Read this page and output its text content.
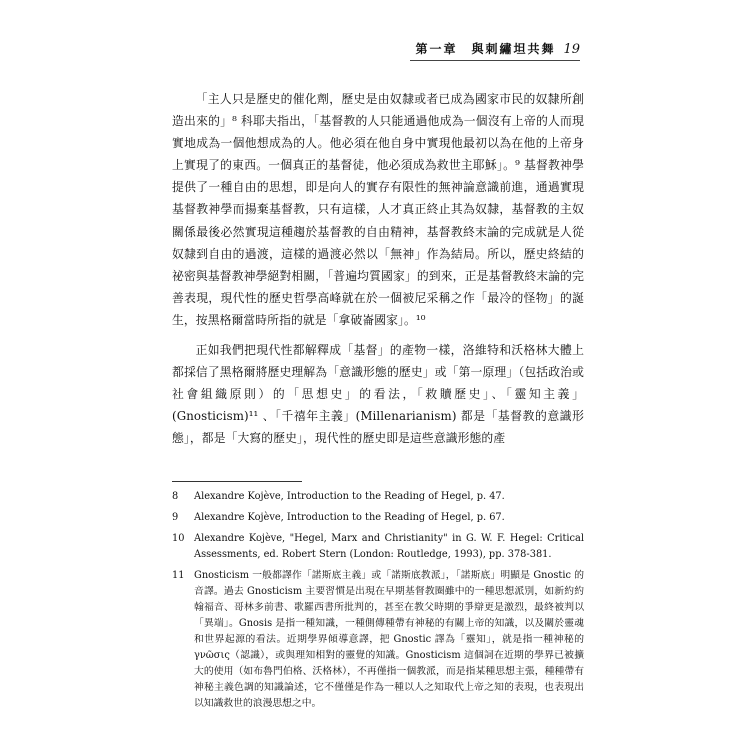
第一章　與刺繡坦共舞 19

「主人只是歷史的催化劑，歷史是由奴隸或者已成為國家市民的奴隸所創造出來的」⁸ 科耶夫指出，「基督教的人只能通過他成為一個沒有上帝的人而現實地成為一個他想成為的人。他必須在他自身中實現他最初以為在他的上帝身上實現了的東西。一個真正的基督徒，他必須成為救世主耶穌」。⁹ 基督教神學提供了一種自由的思想，即是向人的實存有限性的無神論意識前進，通過實現基督教神學而揚棄基督教，只有這樣，人才真正終止其為奴隸，基督教的主奴關係最後必然實現這種趨於基督教的自由精神，基督教終末論的完成就是人從奴隸到自由的過渡，這樣的過渡必然以「無神」作為結局。所以，歷史終結的祕密與基督教神學絕對相關，「普遍均質國家」的到來，正是基督教終末論的完善表現，現代性的歷史哲學高峰就在於一個被尼采稱之作「最冷的怪物」的誕生，按黑格爾當時所指的就是「拿破崙國家」。¹⁰

正如我們把現代性都解釋成「基督」的產物一樣，洛維特和沃格林大體上都採信了黑格爾將歷史理解為「意識形態的歷史」或「第一原理」（包括政治或社會組織原則）的「思想史」的看法，「救贖歷史」、「靈知主義」(Gnosticism)¹¹ 、「千禧年主義」(Millenarianism) 都是「基督教的意識形態」，都是「大寫的歷史」，現代性的歷史即是這些意識形態的產

8	Alexandre Kojève, Introduction to the Reading of Hegel, p. 47.
9	Alexandre Kojève, Introduction to the Reading of Hegel, p. 67.
10 Alexandre Kojève, "Hegel, Marx and Christianity" in G. W. F. Hegel: Critical Assessments, ed. Robert Stern (London: Routledge, 1993), pp. 378-381.
11 Gnosticism 一般都譯作「諾斯底主義」或「諾斯底教派」，「諾斯底」明顯是 Gnostic 的音譯。過去 Gnosticism 主要習慣是出現在早期基督教圈雖中的一種思想派別，如新約約翰福音、哥林多前書、歌羅西書所批判的，甚至在教父時期的爭辯更是激烈，最終被判以「異端」。Gnosis 是指一種知識，一種側傳種帶有神秘的有關上帝的知識，以及關於靈魂和世界起源的看法。近期學界傾導意譯，把 Gnostic 譯為「靈知」，就是指一種神秘的 γνῶσις（認識），或與理知相對的靈覺的知識。Gnosticism 這個詞在近期的學界已被擴大的使用（如布魯門伯格、沃格林），不再僅指一個教派，而是指某種思想主張，種種帶有神秘主義色調的知識論述，它不僅僅是作為一種以人之知取代上帝之知的表現，也表現出以知識救世的浪漫思想之中。
